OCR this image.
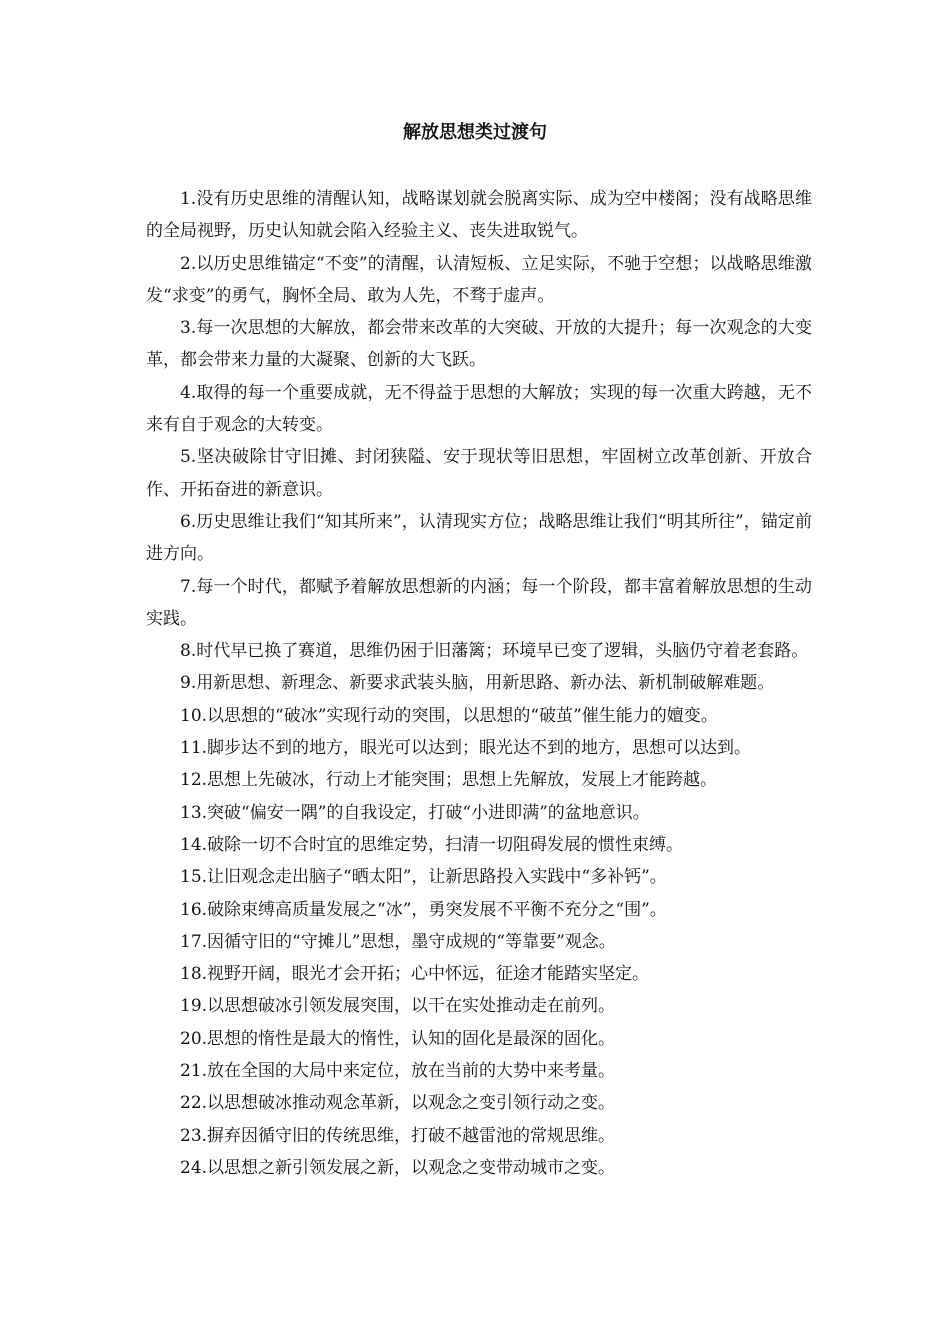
解放思想类过渡句

1.没有历史思维的清醒认知，战略谋划就会脱离实际、成为空中楼阁；没有战略思维的全局视野，历史认知就会陷入经验主义、丧失进取锐气。

2.以历史思维锚定“不变”的清醒，认清短板、立足实际，不驰于空想；以战略思维激发“求变”的勇气，胸怀全局、敢为人先，不骛于虚声。

3.每一次思想的大解放，都会带来改革的大突破、开放的大提升；每一次观念的大变革，都会带来力量的大凝聚、创新的大飞跃。

4.取得的每一个重要成就，无不得益于思想的大解放；实现的每一次重大跨越，无不来有自于观念的大转变。

5.坚决破除甘守旧摊、封闭狭隘、安于现状等旧思想，牢固树立改革创新、开放合作、开拓奋进的新意识。

6.历史思维让我们“知其所来”，认清现实方位；战略思维让我们“明其所往”，锚定前进方向。

7.每一个时代，都赋予着解放思想新的内涵；每一个阶段，都丰富着解放思想的生动实践。

8.时代早已换了赛道，思维仍困于旧藩篱；环境早已变了逻辑，头脑仍守着老套路。

9.用新思想、新理念、新要求武装头脑，用新思路、新办法、新机制破解难题。

10.以思想的“破冰”实现行动的突围，以思想的“破茧”催生能力的嬗变。

11.脚步达不到的地方，眼光可以达到；眼光达不到的地方，思想可以达到。

12.思想上先破冰，行动上才能突围；思想上先解放，发展上才能跨越。

13.突破“偏安一隅”的自我设定，打破“小进即满”的盆地意识。

14.破除一切不合时宜的思维定势，扫清一切阻碍发展的惯性束缚。

15.让旧观念走出脑子“晒太阳”，让新思路投入实践中“多补钙”。

16.破除束缚高质量发展之“冰”，勇突发展不平衡不充分之“围”。

17.因循守旧的“守摊儿”思想，墨守成规的“等靠要”观念。

18.视野开阔，眼光才会开拓；心中怀远，征途才能踏实坚定。

19.以思想破冰引领发展突围，以干在实处推动走在前列。

20.思想的惰性是最大的惰性，认知的固化是最深的固化。

21.放在全国的大局中来定位，放在当前的大势中来考量。

22.以思想破冰推动观念革新，以观念之变引领行动之变。

23.摒弃因循守旧的传统思维，打破不越雷池的常规思维。

24.以思想之新引领发展之新，以观念之变带动城市之变。
